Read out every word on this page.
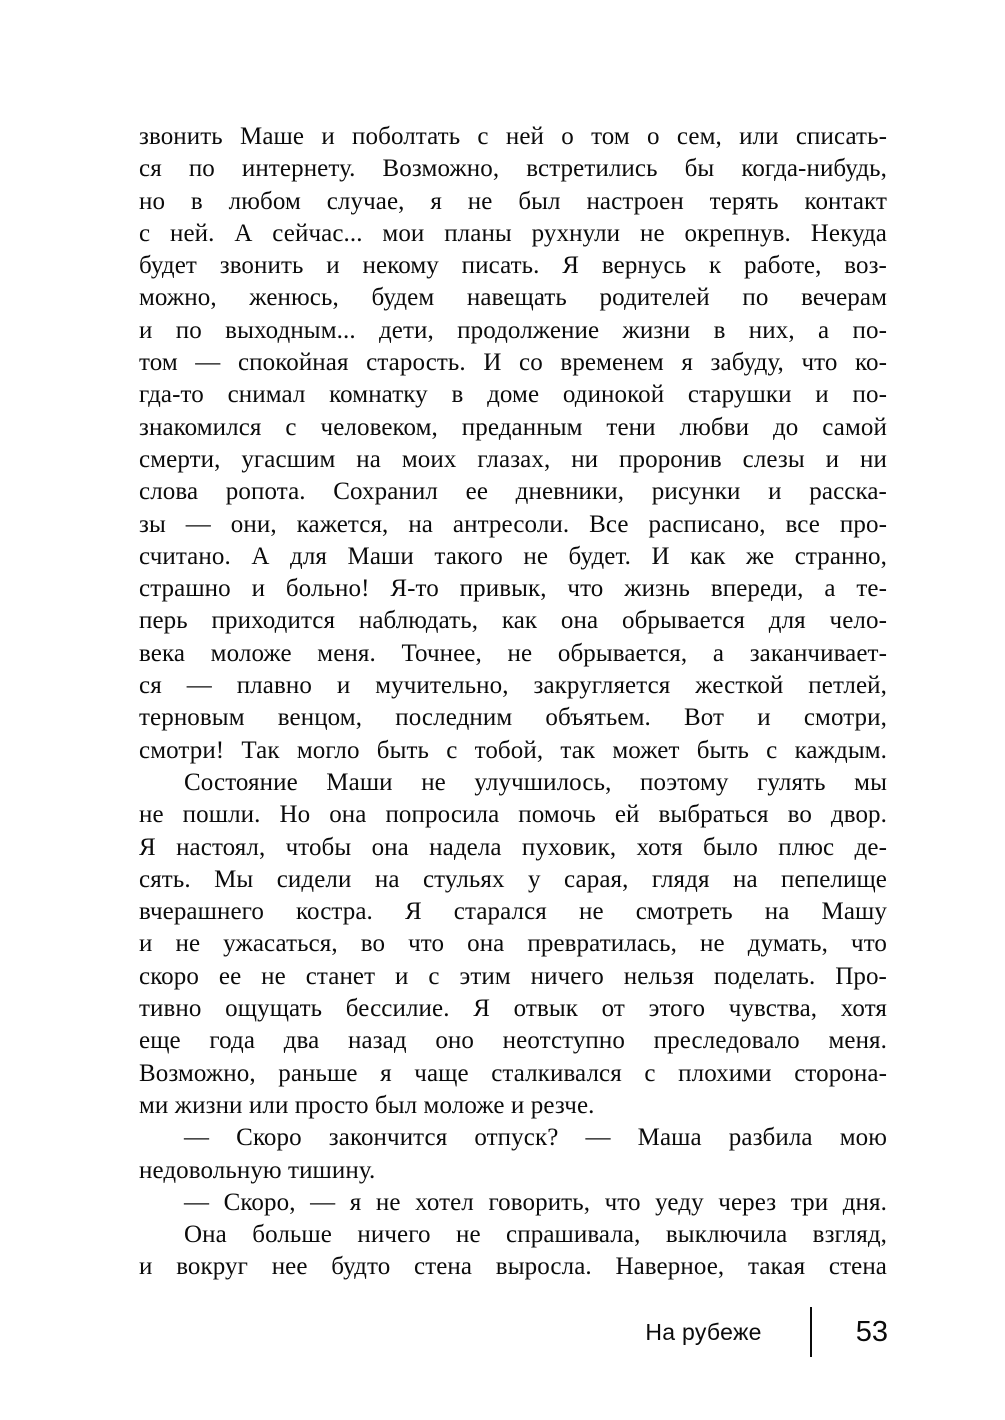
звонить Маше и поболтать с ней о том о сем, или списать-
ся по интернету. Возможно, встретились бы когда-нибудь,
но в любом случае, я не был настроен терять контакт
с ней. А сейчас... мои планы рухнули не окрепнув. Некуда
будет звонить и некому писать. Я вернусь к работе, воз-
можно, женюсь, будем навещать родителей по вечерам
и по выходным... дети, продолжение жизни в них, а по-
том — спокойная старость. И со временем я забуду, что ко-
гда-то снимал комнатку в доме одинокой старушки и по-
знакомился с человеком, преданным тени любви до самой
смерти, угасшим на моих глазах, ни проронив слезы и ни
слова ропота. Сохранил ее дневники, рисунки и расска-
зы — они, кажется, на антресоли. Все расписано, все про-
считано. А для Маши такого не будет. И как же странно,
страшно и больно! Я-то привык, что жизнь впереди, а те-
перь приходится наблюдать, как она обрывается для чело-
века моложе меня. Точнее, не обрывается, а заканчивает-
ся — плавно и мучительно, закругляется жесткой петлей,
терновым венцом, последним объятьем. Вот и смотри,
смотри! Так могло быть с тобой, так может быть с каждым.

Состояние Маши не улучшилось, поэтому гулять мы
не пошли. Но она попросила помочь ей выбраться во двор.
Я настоял, чтобы она надела пуховик, хотя было плюс де-
сять. Мы сидели на стульях у сарая, глядя на пепелище
вчерашнего костра. Я старался не смотреть на Машу
и не ужасаться, во что она превратилась, не думать, что
скоро ее не станет и с этим ничего нельзя поделать. Про-
тивно ощущать бессилие. Я отвык от этого чувства, хотя
еще года два назад оно неотступно преследовало меня.
Возможно, раньше я чаще сталкивался с плохими сторона-
ми жизни или просто был моложе и резче.

— Скоро закончится отпуск? — Маша разбила мою
недовольную тишину.

— Скоро, — я не хотел говорить, что уеду через три дня.

Она больше ничего не спрашивала, выключила взгляд,
и вокруг нее будто стена выросла. Наверное, такая стена

На рубеже	53
